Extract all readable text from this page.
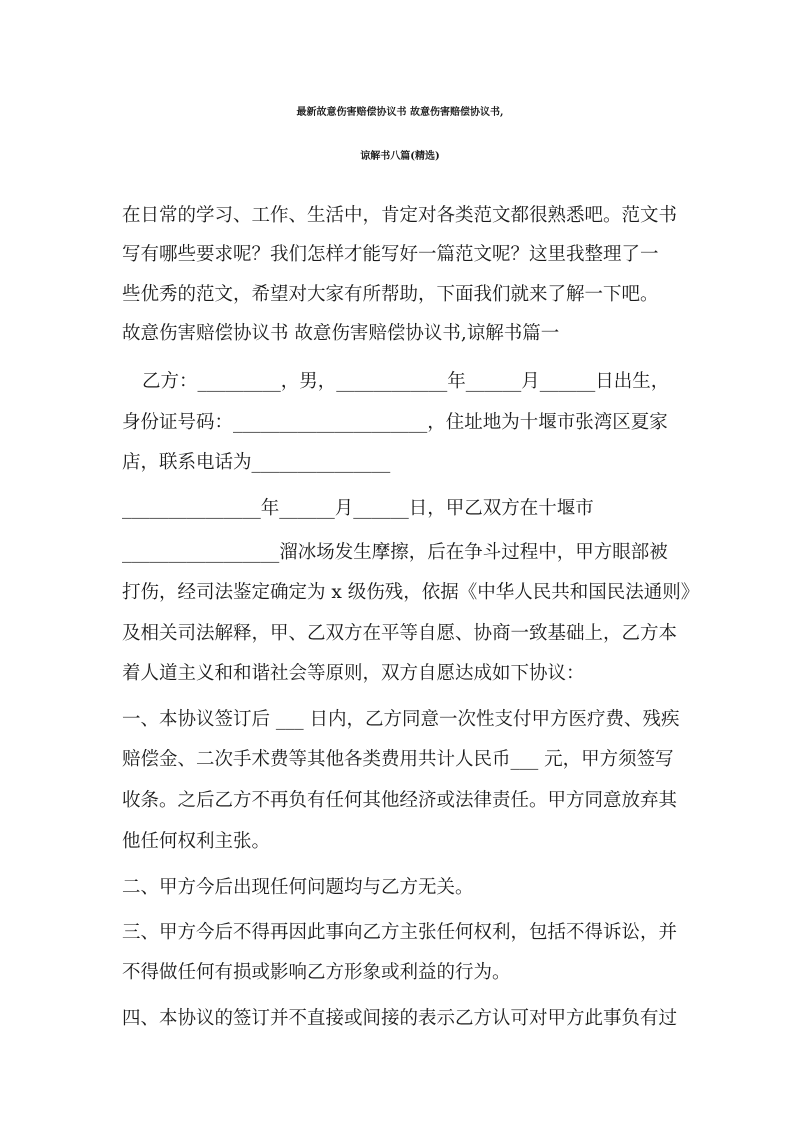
最新故意伤害赔偿协议书 故意伤害赔偿协议书,
谅解书八篇(精选)
在日常的学习、工作、生活中，肯定对各类范文都很熟悉吧。范文书
写有哪些要求呢？我们怎样才能写好一篇范文呢？这里我整理了一
些优秀的范文，希望对大家有所帮助，下面我们就来了解一下吧。
故意伤害赔偿协议书 故意伤害赔偿协议书,谅解书篇一
乙方：_________，男，____________年______月______日出生，
身份证号码：_____________________，住址地为十堰市张湾区夏家
店，联系电话为_______________
_______________年______月______日，甲乙双方在十堰市
_________________溜冰场发生摩擦，后在争斗过程中，甲方眼部被
打伤，经司法鉴定确定为 x 级伤残，依据《中华人民共和国民法通则》
及相关司法解释，甲、乙双方在平等自愿、协商一致基础上，乙方本
着人道主义和和谐社会等原则，双方自愿达成如下协议：
一、本协议签订后 ___ 日内，乙方同意一次性支付甲方医疗费、残疾
赔偿金、二次手术费等其他各类费用共计人民币___ 元，甲方须签写
收条。之后乙方不再负有任何其他经济或法律责任。甲方同意放弃其
他任何权利主张。
二、甲方今后出现任何问题均与乙方无关。
三、甲方今后不得再因此事向乙方主张任何权利，包括不得诉讼，并
不得做任何有损或影响乙方形象或利益的行为。
四、本协议的签订并不直接或间接的表示乙方认可对甲方此事负有过
